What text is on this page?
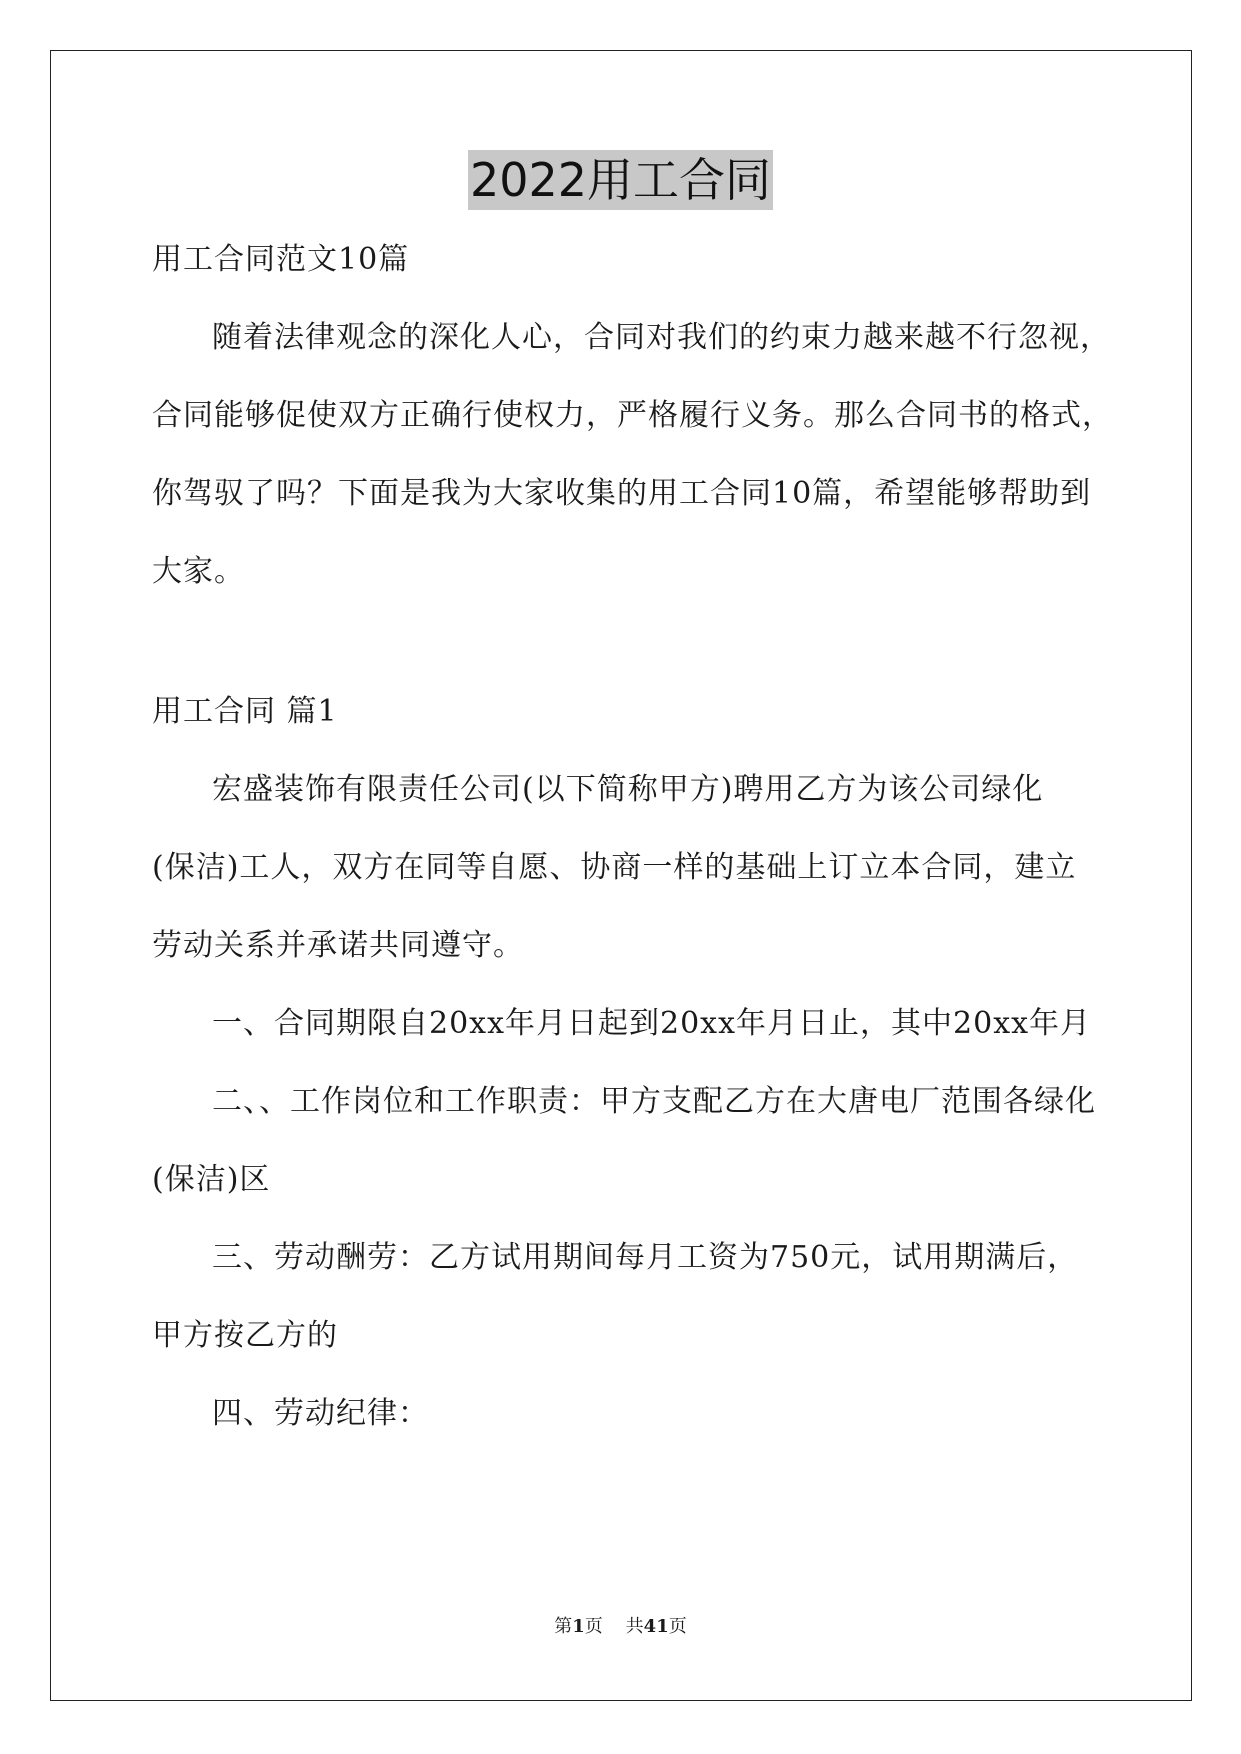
2022用工合同
用工合同范文10篇
随着法律观念的深化人心，合同对我们的约束力越来越不行忽视，
合同能够促使双方正确行使权力，严格履行义务。那么合同书的格式，
你驾驭了吗？下面是我为大家收集的用工合同10篇，希望能够帮助到
大家。
用工合同 篇1
宏盛装饰有限责任公司(以下简称甲方)聘用乙方为该公司绿化
(保洁)工人，双方在同等自愿、协商一样的基础上订立本合同，建立
劳动关系并承诺共同遵守。
一、合同期限自20xx年月日起到20xx年月日止，其中20xx年月
二、、工作岗位和工作职责：甲方支配乙方在大唐电厂范围各绿化
(保洁)区
三、劳动酬劳：乙方试用期间每月工资为750元，试用期满后，
甲方按乙方的
四、劳动纪律：
第1页 共41页
